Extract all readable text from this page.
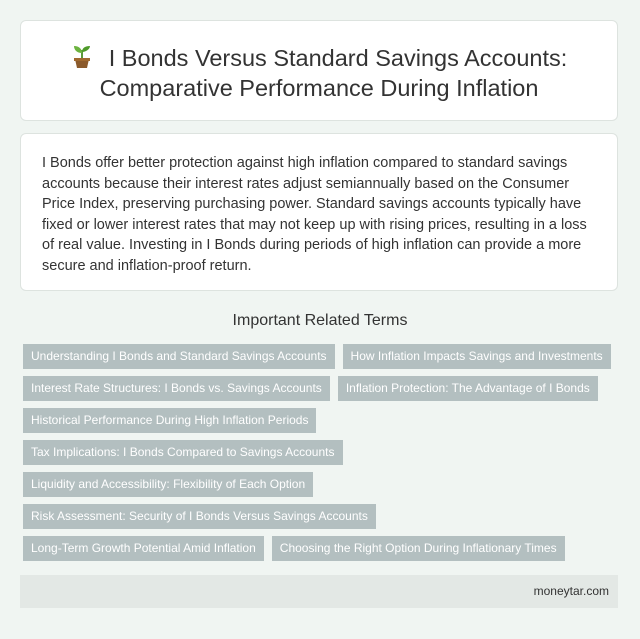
I Bonds Versus Standard Savings Accounts:
Comparative Performance During Inflation

I Bonds offer better protection against high inflation compared to standard savings accounts because their interest rates adjust semiannually based on the Consumer Price Index, preserving purchasing power. Standard savings accounts typically have fixed or lower interest rates that may not keep up with rising prices, resulting in a loss of real value. Investing in I Bonds during periods of high inflation can provide a more secure and inflation-proof return.

Important Related Terms
Understanding I Bonds and Standard Savings Accounts How Inflation Impacts Savings and Investments
Interest Rate Structures: I Bonds vs. Savings Accounts Inflation Protection: The Advantage of I Bonds
Historical Performance During High Inflation Periods
Tax Implications: I Bonds Compared to Savings Accounts
Liquidity and Accessibility: Flexibility of Each Option
Risk Assessment: Security of I Bonds Versus Savings Accounts
Long-Term Growth Potential Amid Inflation Choosing the Right Option During Inflationary Times
moneytar.com
